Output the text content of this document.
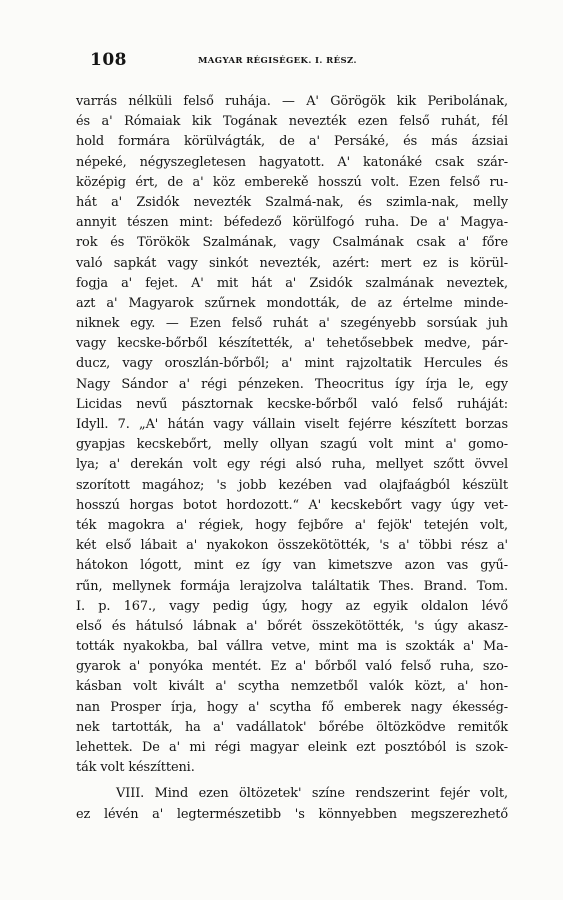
108	MAGYAR RÉGISÉGEK. I. RÉSZ.
varrás nélküli felső ruhája. — A' Görögök kik Peribolának,
és a' Rómaiak kik Togának nevezték ezen felső ruhát, fél
hold formára körülvágták, de a' Persáké, és más ázsiai
népeké, négyszegletesen hagyatott. A' katonáké csak szár-
középig ért, de a' köz emberekě hosszú volt. Ezen felső ru-
hát a' Zsidók nevezték Szalmá-nak, és szimla-nak, melly
annyit tészen mint: béfedező körülfogó ruha. De a' Magya-
rok és Törökök Szalmának, vagy Csalmának csak a' főre
való sapkát vagy sinkót nevezték, azért: mert ez is körül-
fogja a' fejet. A' mit hát a' Zsidók szalmának neveztek,
azt a' Magyarok szűrnek mondották, de az értelme minde-
niknek egy. — Ezen felső ruhát a' szegényebb sorsúak juh
vagy kecske-bőrből készítették, a' tehetősebbek medve, pár-
ducz, vagy oroszlán-bőrből; a' mint rajzoltatik Hercules és
Nagy Sándor a' régi pénzeken. Theocritus így írja le, egy
Licidas nevű pásztornak kecske-bőrből való felső ruháját:
Idyll. 7. „A' hátán vagy vállain viselt fejérre készített borzas
gyapjas kecskebőrt, melly ollyan szagú volt mint a' gomo-
lya; a' derekán volt egy régi alsó ruha, mellyet szőtt övvel
szorított magához; 's jobb kezében vad olajfaágból készült
hosszú horgas botot hordozott.“ A' kecskebőrt vagy úgy vet-
ték magokra a' régiek, hogy fejbőre a' fejök' tetején volt,
két első lábait a' nyakokon összekötötték, 's a' többi rész a'
hátokon lógott, mint ez így van kimetszve azon vas gyű-
rűn, mellynek formája lerajzolva találtatik Thes. Brand. Tom.
I. p. 167., vagy pedig úgy, hogy az egyik oldalon lévő
első és hátulsó lábnak a' bőrét összekötötték, 's úgy akasz-
tották nyakokba, bal vállra vetve, mint ma is szokták a' Ma-
gyarok a' ponyóka mentét. Ez a' bőrből való felső ruha, szo-
kásban volt kivált a' scytha nemzetből valók közt, a' hon-
nan Prosper írja, hogy a' scytha fő emberek nagy ékesség-
nek tartották, ha a' vadállatok' bőrébe öltözködve remitők
lehettek. De a' mi régi magyar eleink ezt posztóból is szok-
ták volt készítteni.
VIII. Mind ezen öltözetek' színe rendszerint fejér volt,
ez lévén a' legtermészetibb 's könnyebben megszerezhető
